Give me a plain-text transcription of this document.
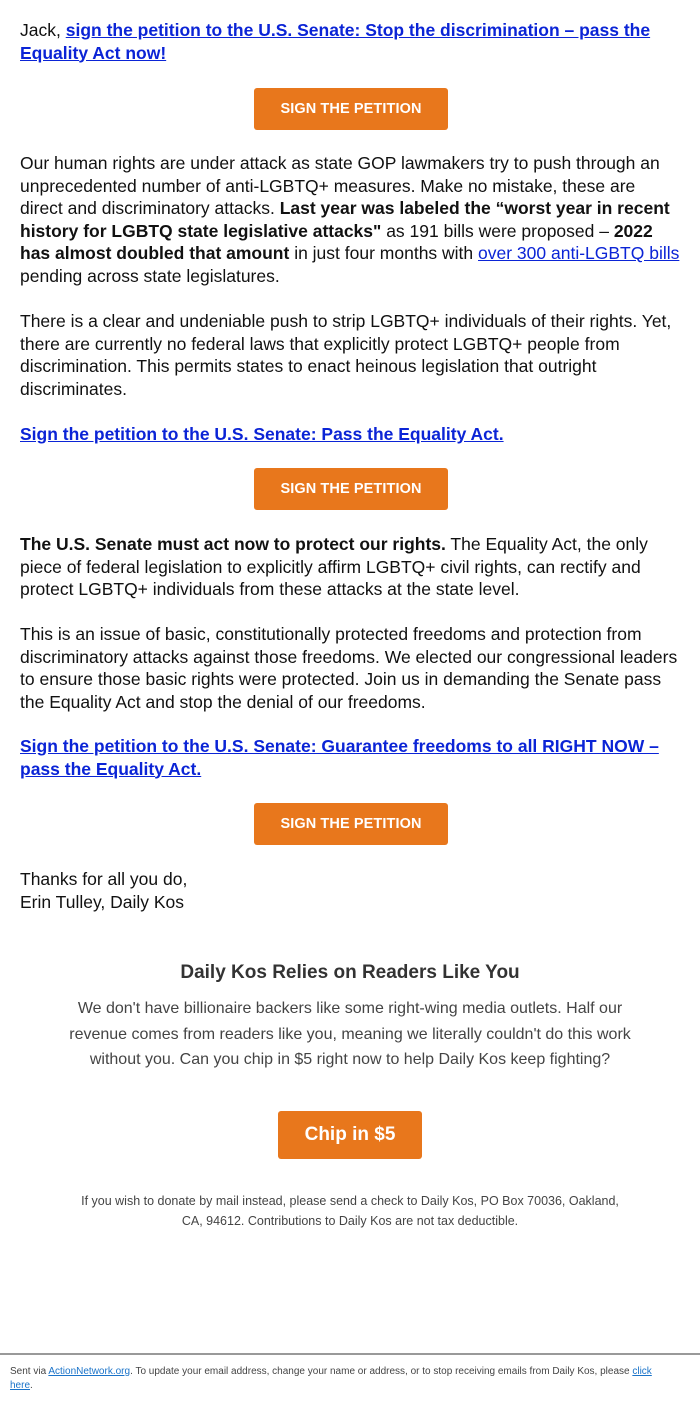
Jack, sign the petition to the U.S. Senate: Stop the discrimination – pass the Equality Act now!

SIGN THE PETITION

Our human rights are under attack as state GOP lawmakers try to push through an unprecedented number of anti-LGBTQ+ measures. Make no mistake, these are direct and discriminatory attacks. Last year was labeled the “worst year in recent history for LGBTQ state legislative attacks" as 191 bills were proposed – 2022 has almost doubled that amount in just four months with over 300 anti-LGBTQ bills pending across state legislatures.

There is a clear and undeniable push to strip LGBTQ+ individuals of their rights. Yet, there are currently no federal laws that explicitly protect LGBTQ+ people from discrimination. This permits states to enact heinous legislation that outright discriminates.

Sign the petition to the U.S. Senate: Pass the Equality Act.

SIGN THE PETITION

The U.S. Senate must act now to protect our rights. The Equality Act, the only piece of federal legislation to explicitly affirm LGBTQ+ civil rights, can rectify and protect LGBTQ+ individuals from these attacks at the state level.

This is an issue of basic, constitutionally protected freedoms and protection from discriminatory attacks against those freedoms. We elected our congressional leaders to ensure those basic rights were protected. Join us in demanding the Senate pass the Equality Act and stop the denial of our freedoms.

Sign the petition to the U.S. Senate: Guarantee freedoms to all RIGHT NOW – pass the Equality Act.

SIGN THE PETITION

Thanks for all you do,
Erin Tulley, Daily Kos

Daily Kos Relies on Readers Like You
We don't have billionaire backers like some right-wing media outlets. Half our revenue comes from readers like you, meaning we literally couldn't do this work without you. Can you chip in $5 right now to help Daily Kos keep fighting?
Chip in $5
If you wish to donate by mail instead, please send a check to Daily Kos, PO Box 70036, Oakland, CA, 94612. Contributions to Daily Kos are not tax deductible.
Sent via ActionNetwork.org. To update your email address, change your name or address, or to stop receiving emails from Daily Kos, please click here.
